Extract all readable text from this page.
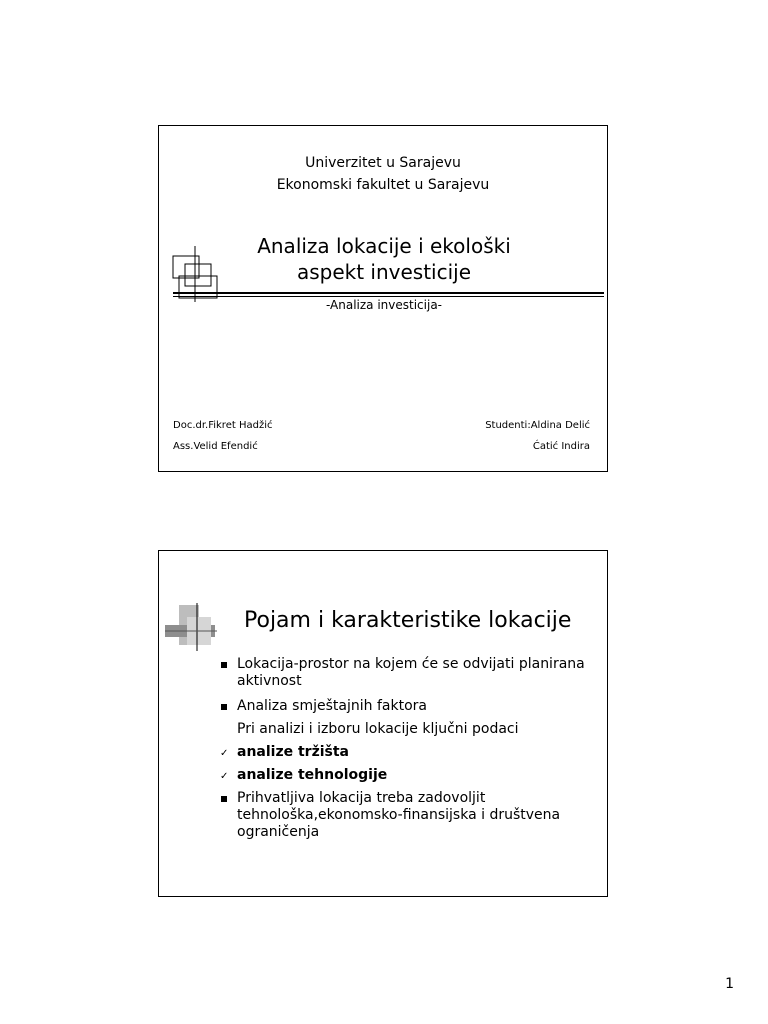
Univerzitet u Sarajevu
Ekonomski fakultet u Sarajevu
Analiza lokacije i ekološki
aspekt investicije
-Analiza investicija-
Doc.dr.Fikret Hadžić
Ass.Velid Efendić
Studenti:Aldina Delić
Ćatić Indira
Pojam i karakteristike lokacije
Lokacija-prostor na kojem će se odvijati planirana aktivnost
Analiza smještajnih faktora
Pri analizi i izboru lokacije ključni podaci
✓ analize tržišta
✓ analize tehnologije
Prihvatljiva lokacija treba zadovoljit tehnološka,ekonomsko-finansijska i društvena ograničenja
1
